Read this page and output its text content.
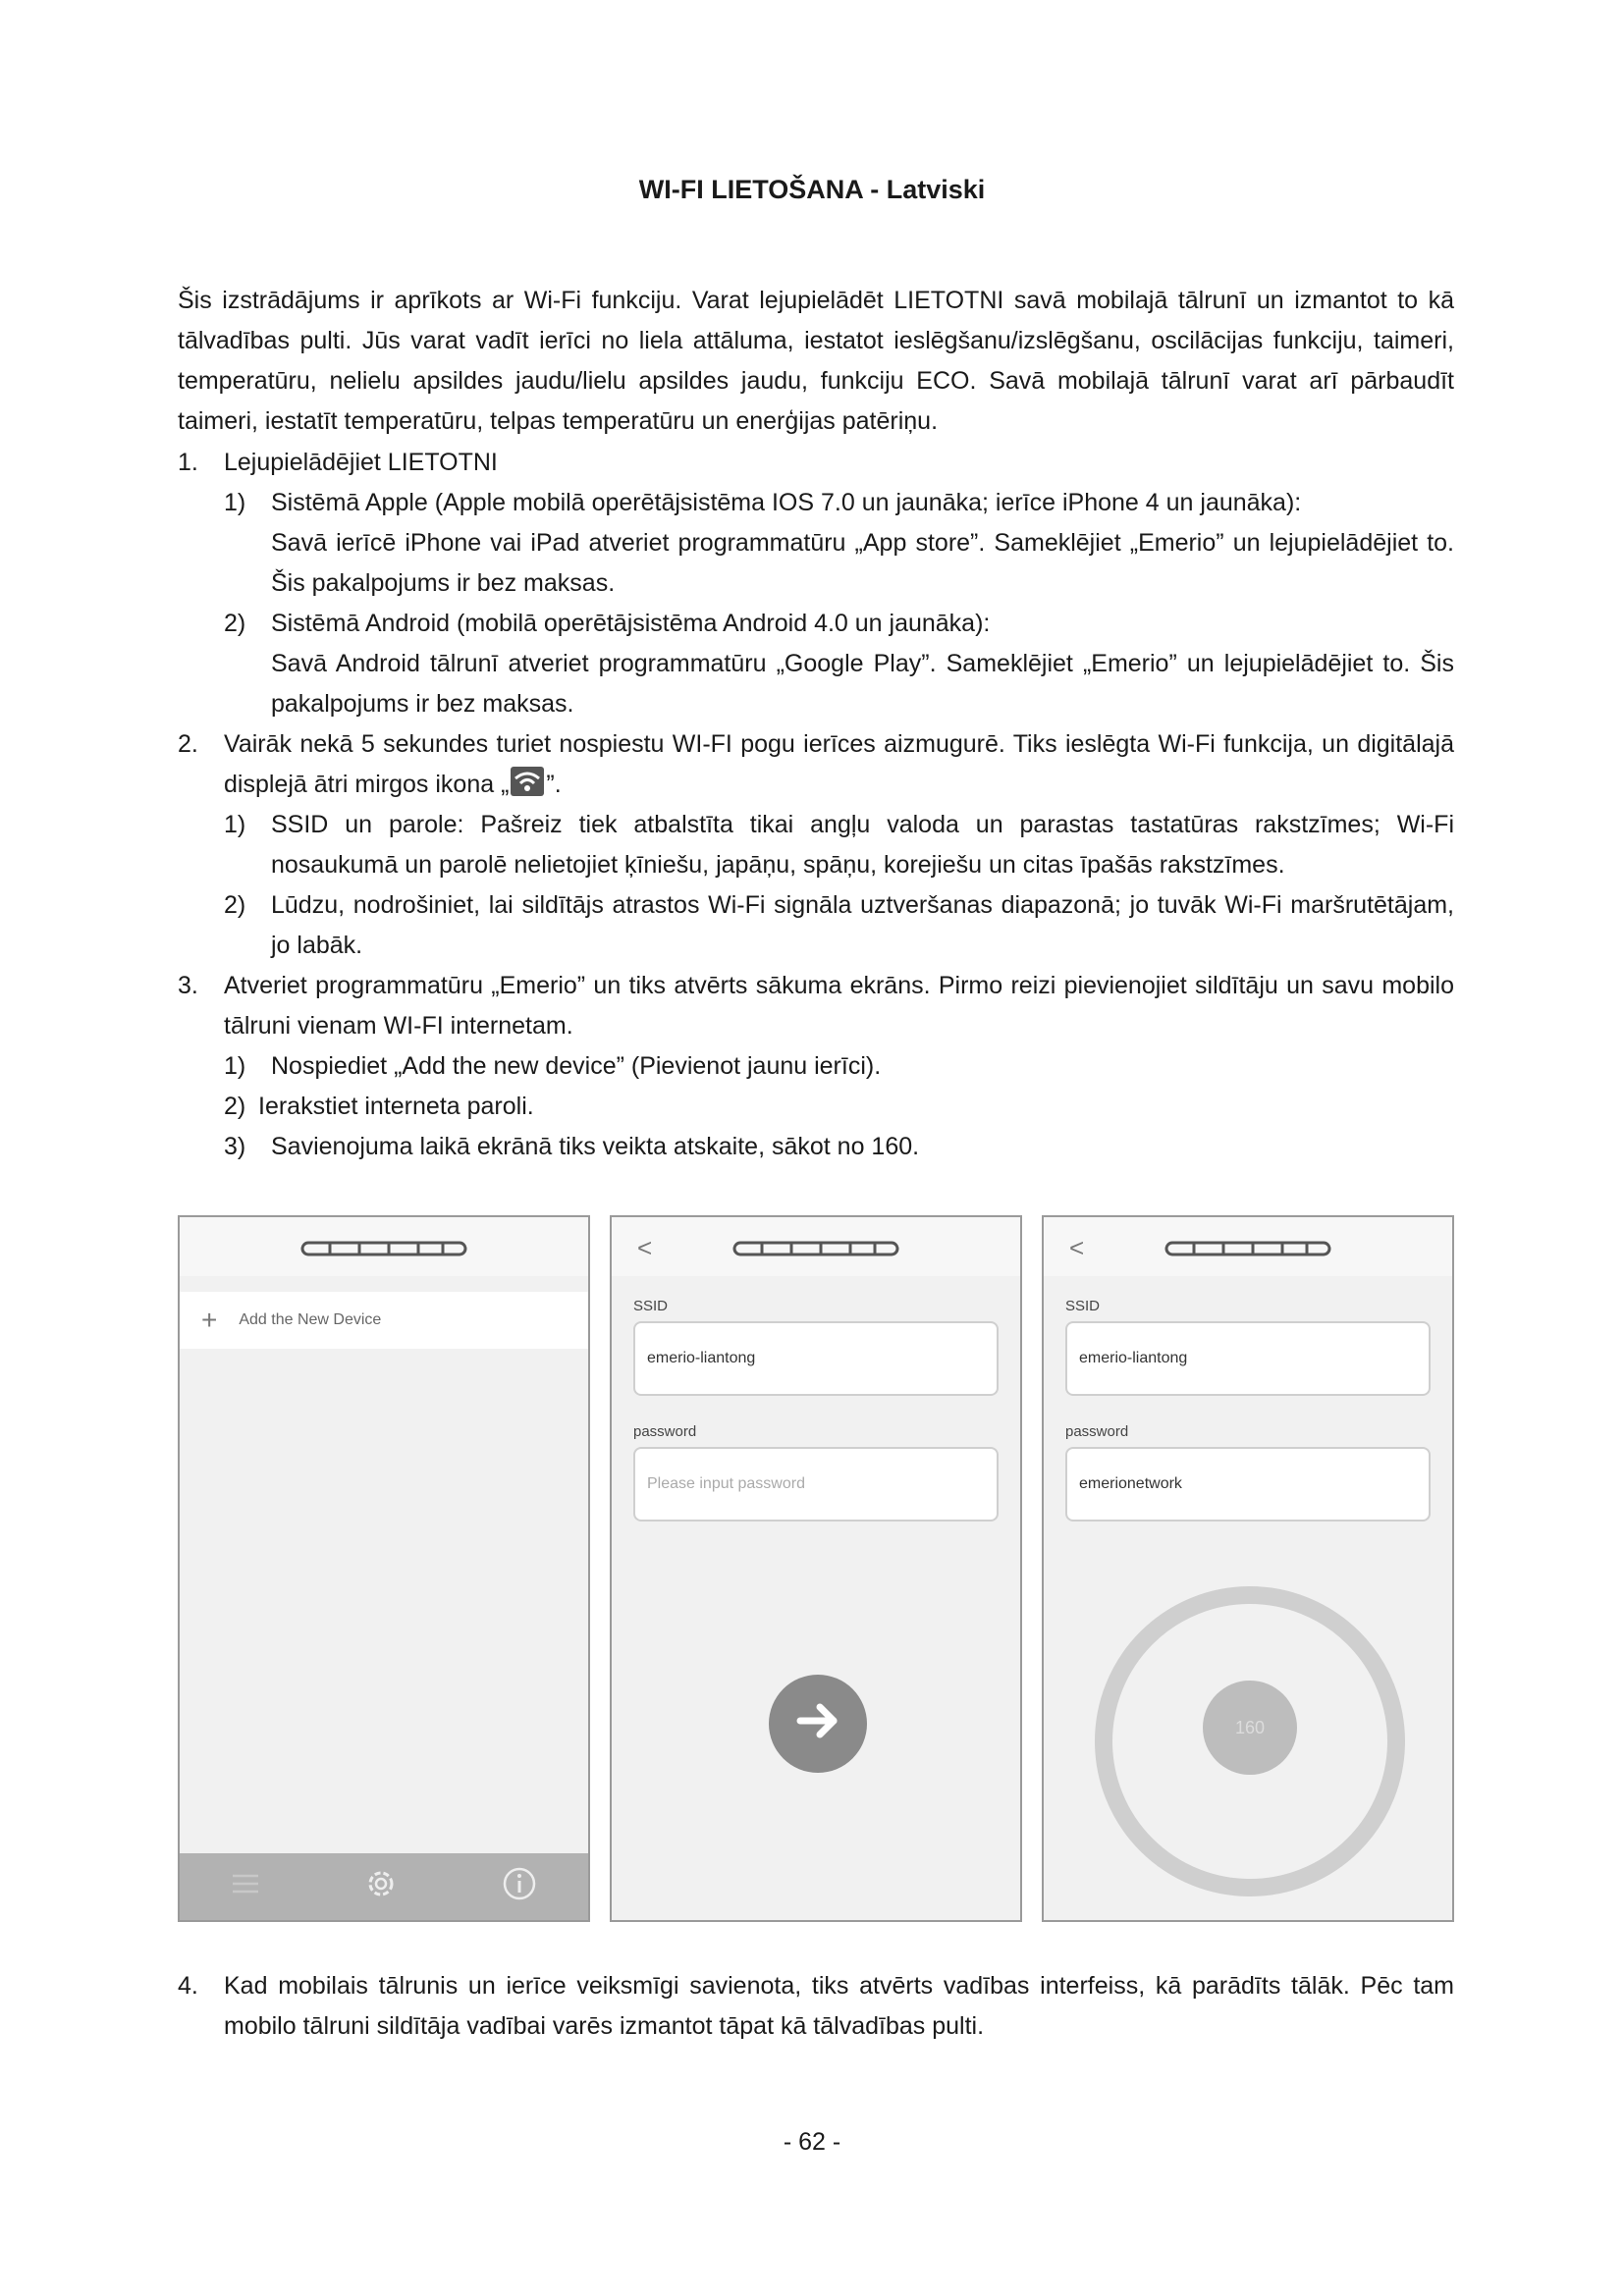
WI-FI LIETOŠANA - Latviski

Šis izstrādājums ir aprīkots ar Wi-Fi funkciju. Varat lejupielādēt LIETOTNI savā mobilajā tālrunī un izmantot to kā tālvadības pulti. Jūs varat vadīt ierīci no liela attāluma, iestatot ieslēgšanu/izslēgšanu, oscilācijas funkciju, taimeri, temperatūru, nelielu apsildes jaudu/lielu apsildes jaudu, funkciju ECO. Savā mobilajā tālrunī varat arī pārbaudīt taimeri, iestatīt temperatūru, telpas temperatūru un enerģijas patēriņu.

1.	Lejupielādējiet LIETOTNI
1)	Sistēmā Apple (Apple mobilā operētājsistēma IOS 7.0 un jaunāka; ierīce iPhone 4 un jaunāka):
Savā ierīcē iPhone vai iPad atveriet programmatūru „App store”. Sameklējiet „Emerio” un lejupielādējiet to. Šis pakalpojums ir bez maksas.
2)	Sistēmā Android (mobilā operētājsistēma Android 4.0 un jaunāka):
Savā Android tālrunī atveriet programmatūru „Google Play”. Sameklējiet „Emerio” un lejupielādējiet to. Šis pakalpojums ir bez maksas.
2.	Vairāk nekā 5 sekundes turiet nospiestu WI-FI pogu ierīces aizmugurē. Tiks ieslēgta Wi-Fi funkcija, un digitālajā displejā ātri mirgos ikona „ ”.
1)	SSID un parole: Pašreiz tiek atbalstīta tikai angļu valoda un parastas tastatūras rakstzīmes; Wi-Fi nosaukumā un parolē nelietojiet ķīniešu, japāņu, spāņu, korejiešu un citas īpašās rakstzīmes.
2)	Lūdzu, nodrošiniet, lai sildītājs atrastos Wi-Fi signāla uztveršanas diapazonā; jo tuvāk Wi-Fi maršrutētājam, jo labāk.
3.	Atveriet programmatūru „Emerio” un tiks atvērts sākuma ekrāns. Pirmo reizi pievienojiet sildītāju un savu mobilo tālruni vienam WI-FI internetam.
1)	Nospiediet „Add the new device” (Pievienot jaunu ierīci).
2) Ierakstiet interneta paroli.
3)	Savienojuma laikā ekrānā tiks veikta atskaite, sākot no 160.
+ Add the New Device
<
SSID
emerio-liantong
password
Please input password
<
SSID
emerio-liantong
password
emerionetwork
160
4.	Kad mobilais tālrunis un ierīce veiksmīgi savienota, tiks atvērts vadības interfeiss, kā parādīts tālāk. Pēc tam mobilo tālruni sildītāja vadībai varēs izmantot tāpat kā tālvadības pulti.
- 62 -
